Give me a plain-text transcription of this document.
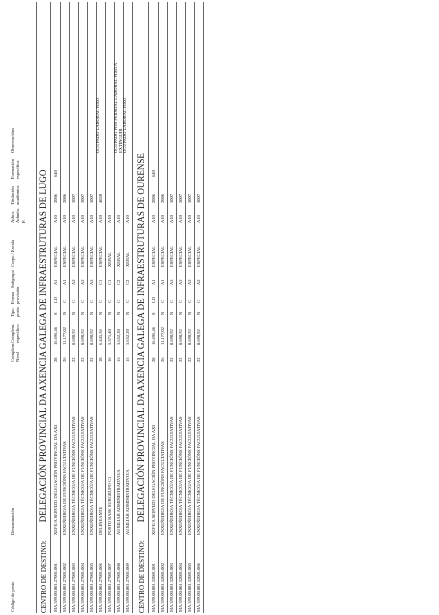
Código do posto
Denominación
Complem. Nivel
Complem. específico
Tipo posto
Forma provisión
Subgrupo
Corpo / Escala
Adscr. Admón. P.
Titulación académica
Formación específica
Observacións
CENTRO DE DESTINO:  DELEGACIÓN PROVINCIAL DA AXENCIA GALEGA DE INFRAESTRUTURAS DE LUGO
MA.399.00.001.27001.001
XEFE/A SERVIZO DELEGACIÓN PROVINCIAL DA AXI
28
16.696,46
S
LD
A1
ESPECIAL
A10
2006
640
MA.399.00.001.27001.002
ENXEÑEIRO/A DE FUNCIÓNS FACULTATIVAS
26
11.177,02
N
C
A1
ESPECIAL
A10
2006
MA.399.00.001.27001.003
ENXEÑEIRO/A TÉCNICO/A DE FUNCIÓNS FACULTATIVAS
22
8.690,92
N
C
A2
ESPECIAL
A10
3007
MA.399.00.001.27001.004
ENXEÑEIRO/A TÉCNICO/A DE FUNCIÓNS FACULTATIVAS
22
8.690,92
N
C
A2
ESPECIAL
A10
3007
MA.399.00.001.27001.005
ENXEÑEIRO/A TÉCNICO/A DE FUNCIÓNS FACULTATIVAS
22
8.690,92
N
C
A2
ESPECIAL
A10
3007
MA.399.00.001.27001.006
DELINEANTE
18
6.445,36
N
C
C1
ESPECIAL
A10
4020
OCUPADO LABORAL FIXO
MA.399.00.001.27001.007
POSTO BASE SUBGRUPO C1
16
5.571,40
N
C
C1
XERAL
A10
MA.399.00.001.27001.008
AUXILIAR ADMINISTRATIVO/A
15
3.652,20
N
C
C2
XERAL
A10
OCUPADO POR PERSOAL LABORAL FIXO A EXTINGUIR
MA.399.00.001.27001.009
AUXILIAR ADMINISTRATIVO/A
15
3.652,20
N
C
C2
XERAL
A10
OCUPADO LABORAL FIXO
CENTRO DE DESTINO:  DELEGACIÓN PROVINCIAL DA AXENCIA GALEGA DE INFRAESTRUTURAS DE OURENSE
MA.399.00.001.32001.001
XEFE/A SERVIZO DELEGACIÓN PROVINCIAL DA AXI
28
16.696,46
S
LD
A1
ESPECIAL
A10
2006
640
MA.399.00.001.32001.002
ENXEÑEIRO/A DE FUNCIÓNS FACULTATIVAS
26
11.177,02
N
C
A1
ESPECIAL
A10
2006
MA.399.00.001.32001.003
ENXEÑEIRO/A TÉCNICO/A DE FUNCIÓNS FACULTATIVAS
22
8.690,92
N
C
A2
ESPECIAL
A10
3007
MA.399.00.001.32001.004
ENXEÑEIRO/A TÉCNICO/A DE FUNCIÓNS FACULTATIVAS
22
8.690,92
N
C
A2
ESPECIAL
A10
3007
MA.399.00.001.32001.005
ENXEÑEIRO/A TÉCNICO/A DE FUNCIÓNS FACULTATIVAS
22
8.690,92
N
C
A2
ESPECIAL
A10
3007
MA.399.00.001.32001.006
ENXEÑEIRO/A TÉCNICO/A DE FUNCIÓNS FACULTATIVAS
22
8.690,92
N
C
A2
ESPECIAL
A10
3007
